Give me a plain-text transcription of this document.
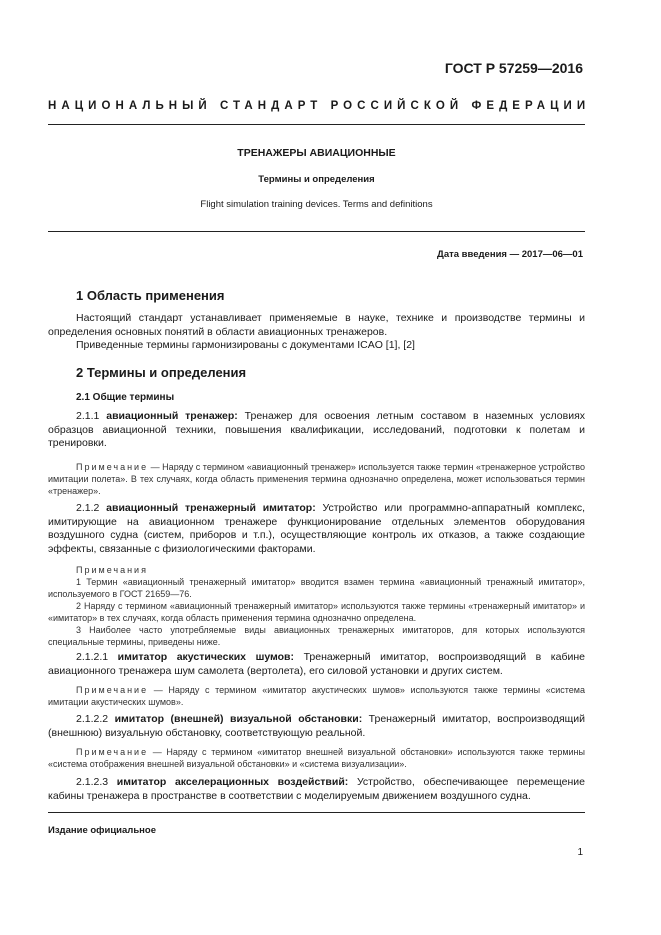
ГОСТ Р 57259—2016
НАЦИОНАЛЬНЫЙ СТАНДАРТ РОССИЙСКОЙ ФЕДЕРАЦИИ
ТРЕНАЖЕРЫ АВИАЦИОННЫЕ
Термины и определения
Flight simulation training devices. Terms and definitions
Дата введения — 2017—06—01
1 Область применения

Настоящий стандарт устанавливает применяемые в науке, технике и производстве термины и определения основных понятий в области авиационных тренажеров.

Приведенные термины гармонизированы с документами ICAO [1], [2]

2 Термины и определения
2.1 Общие термины

2.1.1 авиационный тренажер: Тренажер для освоения летным составом в наземных условиях образцов авиационной техники, повышения квалификации, исследований, подготовки к полетам и тренировки.

Примечание — Наряду с термином «авиационный тренажер» используется также термин «тренажерное устройство имитации полета». В тех случаях, когда область применения термина однозначно определена, может использоваться термин «тренажер».

2.1.2 авиационный тренажерный имитатор: Устройство или программно-аппаратный комплекс, имитирующие на авиационном тренажере функционирование отдельных элементов оборудования воздушного судна (систем, приборов и т.п.), осуществляющие контроль их отказов, а также создающие эффекты, связанные с физиологическими факторами.

Примечания

1 Термин «авиационный тренажерный имитатор» вводится взамен термина «авиационный тренажный имитатор», используемого в ГОСТ 21659—76.

2 Наряду с термином «авиационный тренажерный имитатор» используются также термины «тренажерный имитатор» и «имитатор» в тех случаях, когда область применения термина однозначно определена.

3 Наиболее часто употребляемые виды авиационных тренажерных имитаторов, для которых используются специальные термины, приведены ниже.

2.1.2.1 имитатор акустических шумов: Тренажерный имитатор, воспроизводящий в кабине авиационного тренажера шум самолета (вертолета), его силовой установки и других систем.

Примечание — Наряду с термином «имитатор акустических шумов» используются также термины «система имитации акустических шумов».

2.1.2.2 имитатор (внешней) визуальной обстановки: Тренажерный имитатор, воспроизводящий (внешнюю) визуальную обстановку, соответствующую реальной.

Примечание — Наряду с термином «имитатор внешней визуальной обстановки» используются также термины «система отображения внешней визуальной обстановки» и «система визуализации».

2.1.2.3 имитатор акселерационных воздействий: Устройство, обеспечивающее перемещение кабины тренажера в пространстве в соответствии с моделируемым движением воздушного судна.

Издание официальное
1
